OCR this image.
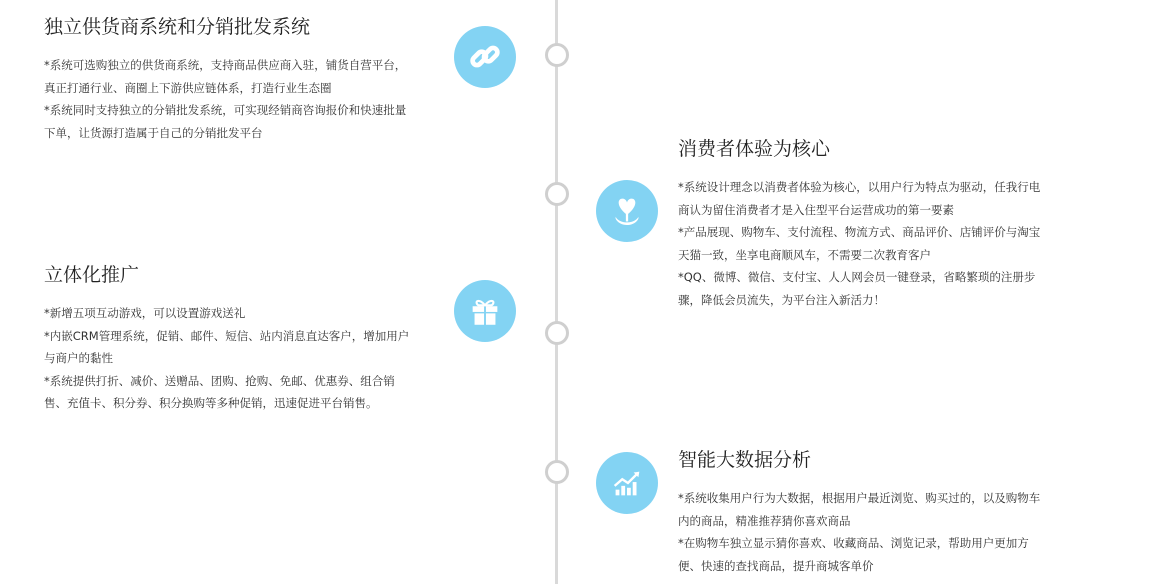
独立供货商系统和分销批发系统

*系统可选购独立的供货商系统，支持商品供应商入驻，铺货自营平台，

真正打通行业、商圈上下游供应链体系，打造行业生态圈

*系统同时支持独立的分销批发系统，可实现经销商咨询报价和快速批量

下单，让货源打造属于自己的分销批发平台

消费者体验为核心

*系统设计理念以消费者体验为核心，以用户行为特点为驱动，任我行电

商认为留住消费者才是入住型平台运营成功的第一要素

*产品展现、购物车、支付流程、物流方式、商品评价、店铺评价与淘宝

天猫一致，坐享电商顺风车，不需要二次教育客户

*QQ、微博、微信、支付宝、人人网会员一键登录，省略繁琐的注册步

骤，降低会员流失，为平台注入新活力！

立体化推广

*新增五项互动游戏，可以设置游戏送礼

*内嵌CRM管理系统，促销、邮件、短信、站内消息直达客户，增加用户

与商户的黏性

*系统提供打折、减价、送赠品、团购、抢购、免邮、优惠券、组合销

售、充值卡、积分券、积分换购等多种促销，迅速促进平台销售。

智能大数据分析

*系统收集用户行为大数据，根据用户最近浏览、购买过的，以及购物车

内的商品，精准推荐猜你喜欢商品

*在购物车独立显示猜你喜欢、收藏商品、浏览记录，帮助用户更加方

便、快速的查找商品，提升商城客单价
